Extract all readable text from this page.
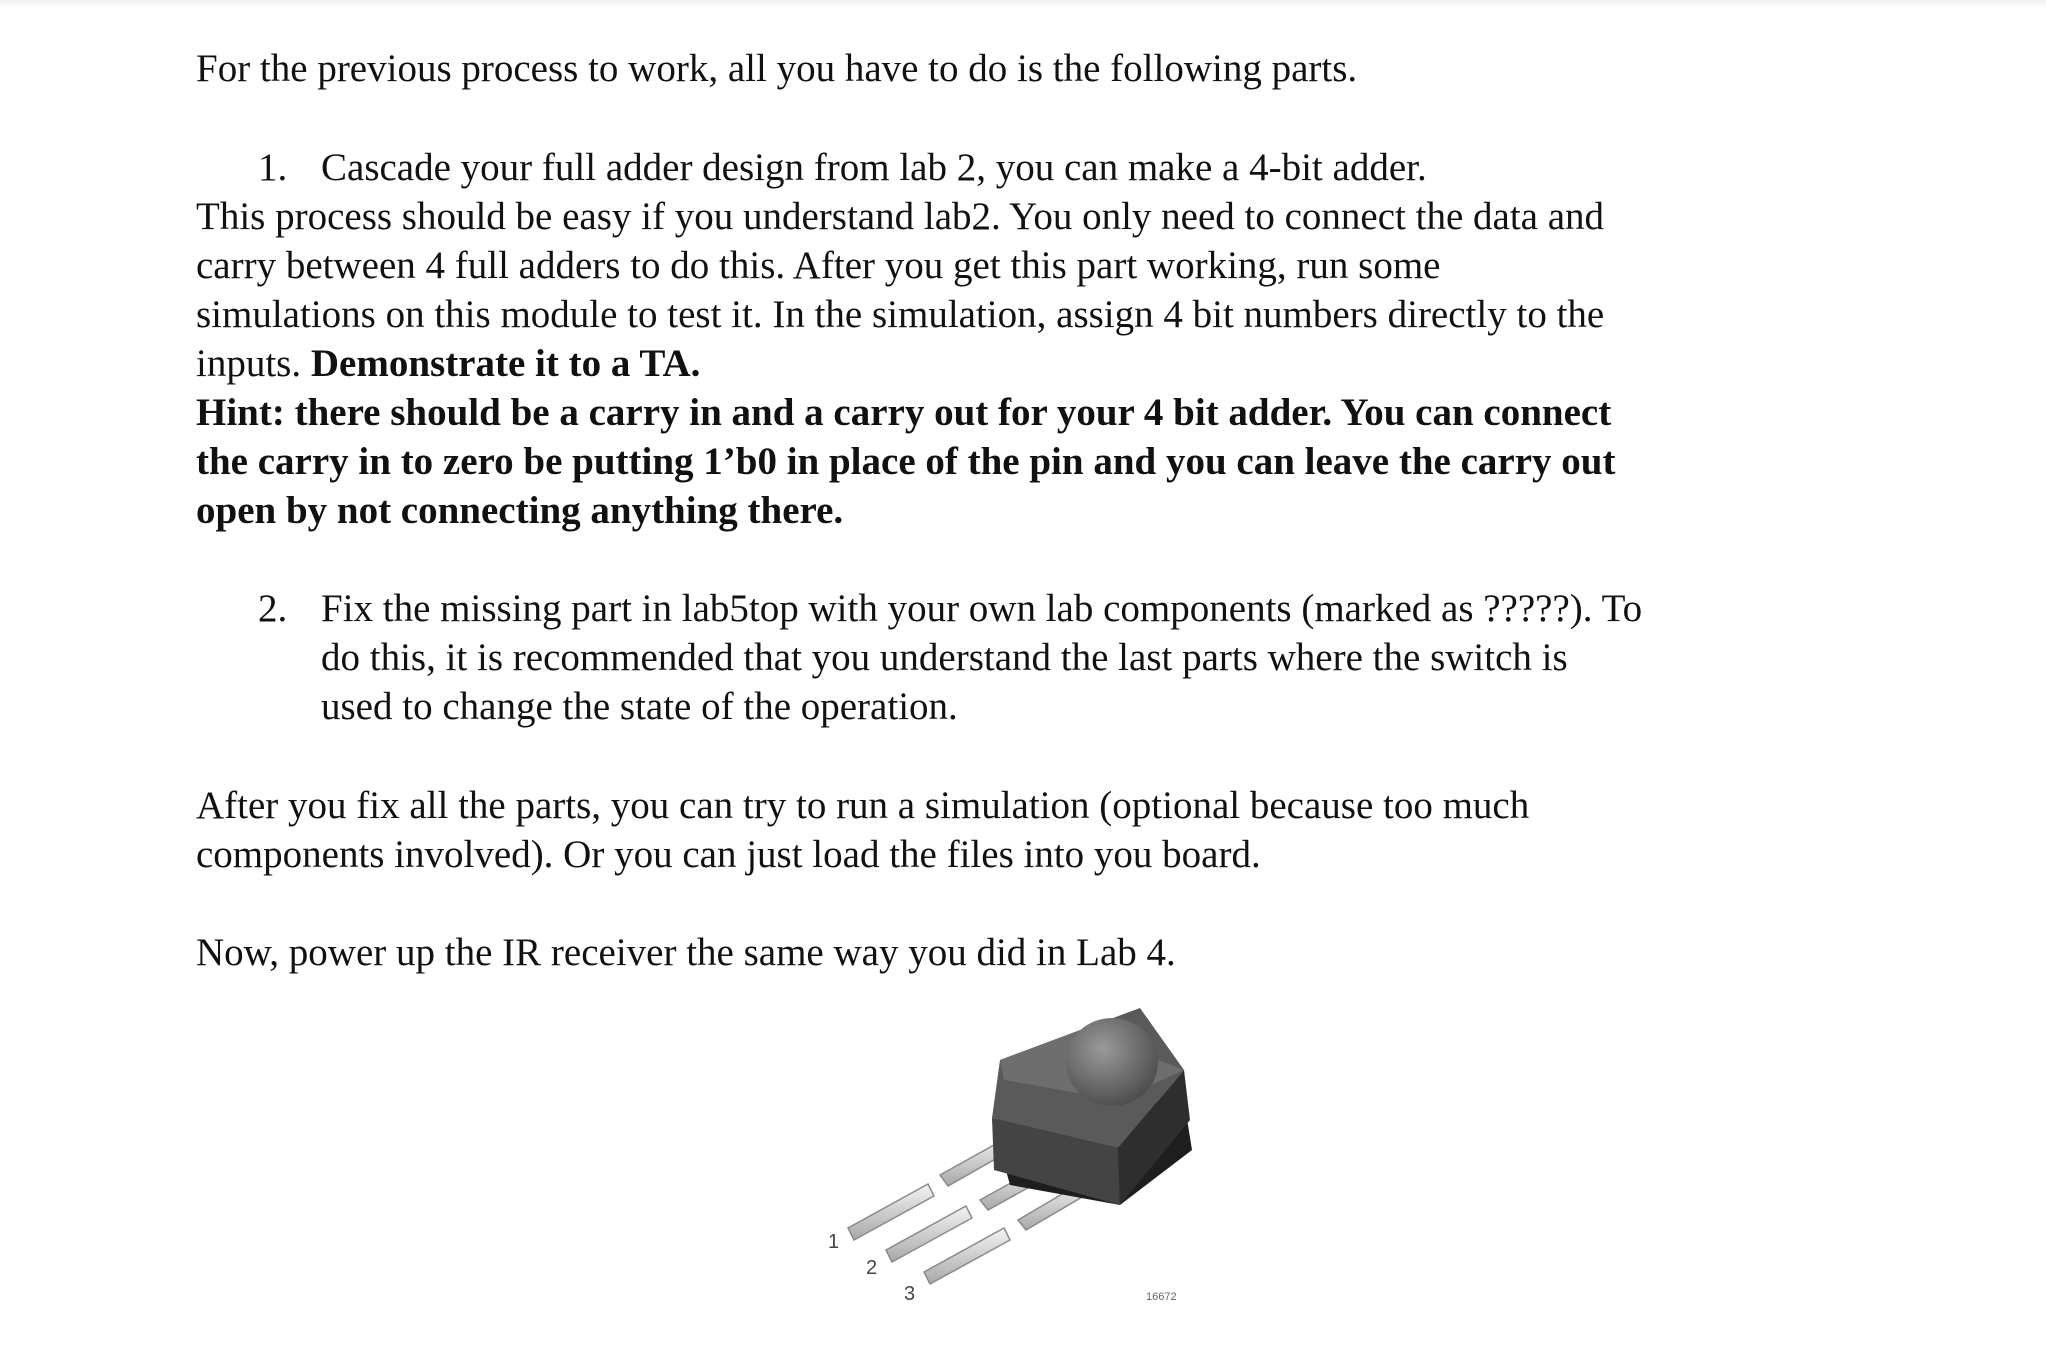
For the previous process to work, all you have to do is the following parts.
1. Cascade your full adder design from lab 2, you can make a 4-bit adder.
This process should be easy if you understand lab2. You only need to connect the data and
carry between 4 full adders to do this. After you get this part working, run some
simulations on this module to test it. In the simulation, assign 4 bit numbers directly to the
inputs. Demonstrate it to a TA.
Hint: there should be a carry in and a carry out for your 4 bit adder. You can connect
the carry in to zero be putting 1’b0 in place of the pin and you can leave the carry out
open by not connecting anything there.
2. Fix the missing part in lab5top with your own lab components (marked as ?????). To
do this, it is recommended that you understand the last parts where the switch is
used to change the state of the operation.
After you fix all the parts, you can try to run a simulation (optional because too much
components involved). Or you can just load the files into you board.
Now, power up the IR receiver the same way you did in Lab 4.
1
2
3	16672
